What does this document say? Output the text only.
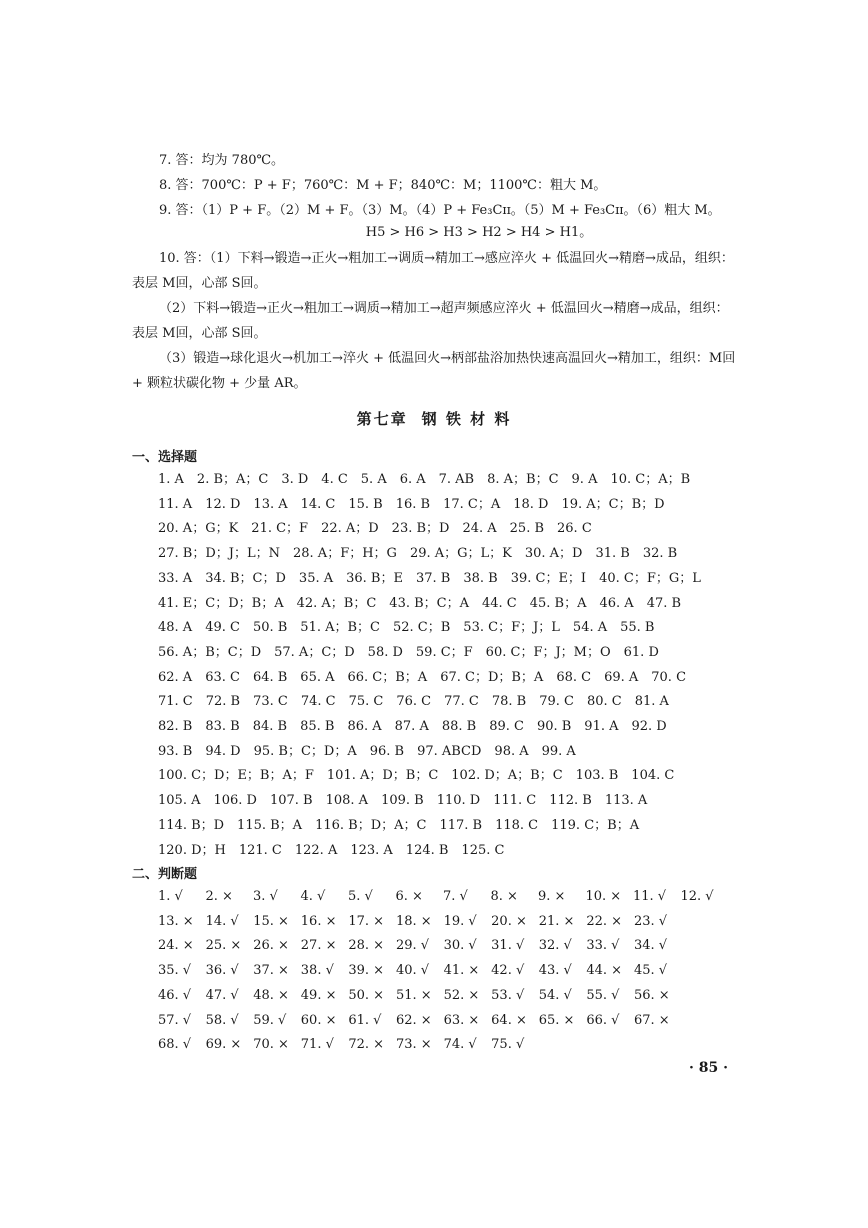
7. 答：均为 780℃。
8. 答：700℃：P + F；760℃：M + F；840℃：M；1100℃：粗大 M。
9. 答：（1）P + F。（2）M + F。（3）M。（4）P + Fe₃Cɪɪ。（5）M + Fe₃Cɪɪ。（6）粗大 M。
H5 > H6 > H3 > H2 > H4 > H1。
10. 答：（1）下料→锻造→正火→粗加工→调质→精加工→感应淬火 + 低温回火→精磨→成品，组织：表层 M回，心部 S回。
（2）下料→锻造→正火→粗加工→调质→精加工→超声频感应淬火 + 低温回火→精磨→成品，组织：表层 M回，心部 S回。
（3）锻造→球化退火→机加工→淬火 + 低温回火→柄部盐浴加热快速高温回火→精加工，组织：M回 + 颗粒状碳化物 + 少量 AR。
第七章 钢 铁 材 料
一、选择题
1. A　2. B；A；C　3. D　4. C　5. A　6. A　7. AB　8. A；B；C　9. A　10. C；A；B
11. A　12. D　13. A　14. C　15. B　16. B　17. C；A　18. D　19. A；C；B；D
20. A；G；K　21. C；F　22. A；D　23. B；D　24. A　25. B　26. C
27. B；D；J；L；N　28. A；F；H；G　29. A；G；L；K　30. A；D　31. B　32. B
33. A　34. B；C；D　35. A　36. B；E　37. B　38. B　39. C；E；I　40. C；F；G；L
41. E；C；D；B；A　42. A；B；C　43. B；C；A　44. C　45. B；A　46. A　47. B
48. A　49. C　50. B　51. A；B；C　52. C；B　53. C；F；J；L　54. A　55. B
56. A；B；C；D　57. A；C；D　58. D　59. C；F　60. C；F；J；M；O　61. D
62. A　63. C　64. B　65. A　66. C；B；A　67. C；D；B；A　68. C　69. A　70. C
71. C　72. B　73. C　74. C　75. C　76. C　77. C　78. B　79. C　80. C　81. A
82. B　83. B　84. B　85. B　86. A　87. A　88. B　89. C　90. B　91. A　92. D
93. B　94. D　95. B；C；D；A　96. B　97. ABCD　98. A　99. A
100. C；D；E；B；A；F　101. A；D；B；C　102. D；A；B；C　103. B　104. C
105. A　106. D　107. B　108. A　109. B　110. D　111. C　112. B　113. A
114. B；D　115. B；A　116. B；D；A；C　117. B　118. C　119. C；B；A
120. D；H　121. C　122. A　123. A　124. B　125. C
二、判断题
1. √	2. ×	3. √	4. √	5. √	6. ×	7. √	8. ×	9. ×	10. × 11. √	12. √
13. × 14. √	15. × 16. × 17. × 18. × 19. √	20. × 21. × 22. × 23. √
24. × 25. × 26. × 27. × 28. × 29. √	30. √	31. √	32. √	33. √	34. √
35. √	36. √	37. × 38. √	39. × 40. √	41. × 42. √	43. √	44. × 45. √
46. √	47. √	48. × 49. × 50. × 51. × 52. × 53. √	54. √	55. √	56. ×
57. √	58. √	59. √	60. × 61. √	62. × 63. × 64. × 65. × 66. √	67. ×
68. √	69. × 70. × 71. √	72. × 73. × 74. √	75. √
· 85 ·
